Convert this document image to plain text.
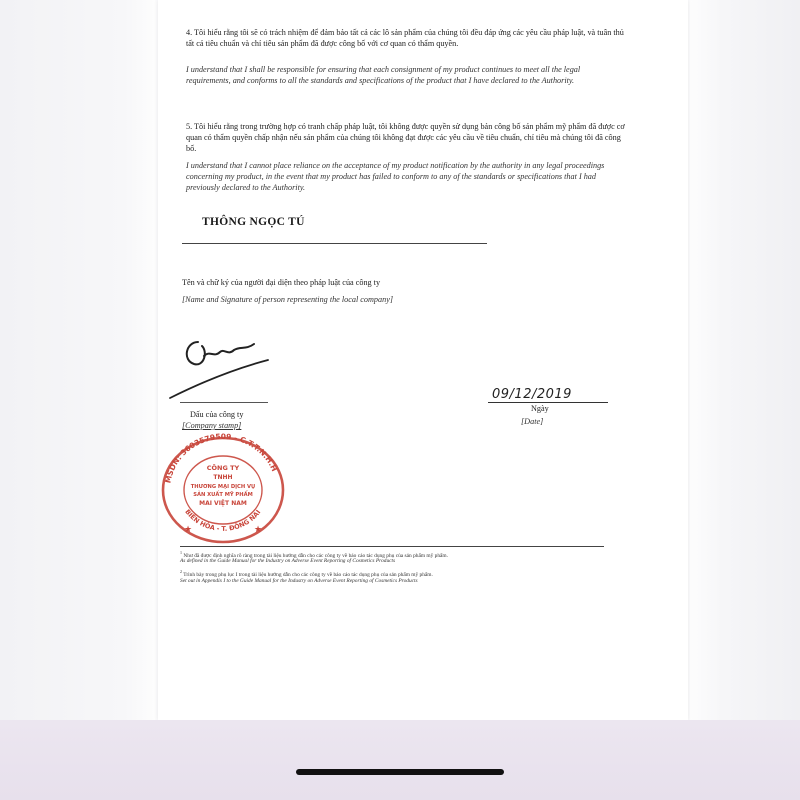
4. Tôi hiểu rằng tôi sẽ có trách nhiệm để đảm bảo tất cả các lô sản phẩm của chúng tôi đều đáp ứng các yêu cầu pháp luật, và tuân thủ tất cả tiêu chuẩn và chỉ tiêu sản phẩm đã được công bố với cơ quan có thẩm quyền.
I understand that I shall be responsible for ensuring that each consignment of my product continues to meet all the legal requirements, and conforms to all the standards and specifications of the product that I have declared to the Authority.
5. Tôi hiểu rằng trong trường hợp có tranh chấp pháp luật, tôi không được quyền sử dụng bản công bố sản phẩm mỹ phẩm đã được cơ quan có thẩm quyền chấp nhận nếu sản phẩm của chúng tôi không đạt được các yêu cầu về tiêu chuẩn, chỉ tiêu mà chúng tôi đã công bố.
I understand that I cannot place reliance on the acceptance of my product notification by the authority in any legal proceedings concerning my product, in the event that my product has failed to conform to any of the standards or specifications that I had previously declared to the Authority.
THÔNG NGỌC TÚ
Tên và chữ ký của người đại diện theo pháp luật của công ty
[Name and Signature of person representing the local company]
Dấu của công ty
[Company stamp]
09/12/2019
Ngày
[Date]
MSDN: 3603579509 - C.T.T.N.H.H
BIÊN HÒA - T. ĐỒNG NAI
CÔNG TY
TNHH
THƯƠNG MẠI DỊCH VỤ
SẢN XUẤT MỸ PHẨM
MAI VIỆT NAM
★	★
$^1$ Như đã được định nghĩa rõ ràng trong tài liệu hướng dẫn cho các công ty về báo cáo tác dụng phụ của sản phẩm mỹ phẩm.
As defined in the Guide Manual for the Industry on Adverse Event Reporting of Cosmetics Products
$^2$ Trình bày trong phụ lục I trong tài liệu hướng dẫn cho các công ty về báo cáo tác dụng phụ của sản phẩm mỹ phẩm.
Set out in Appendix I to the Guide Manual for the Industry on Adverse Event Reporting of Cosmetics Products
